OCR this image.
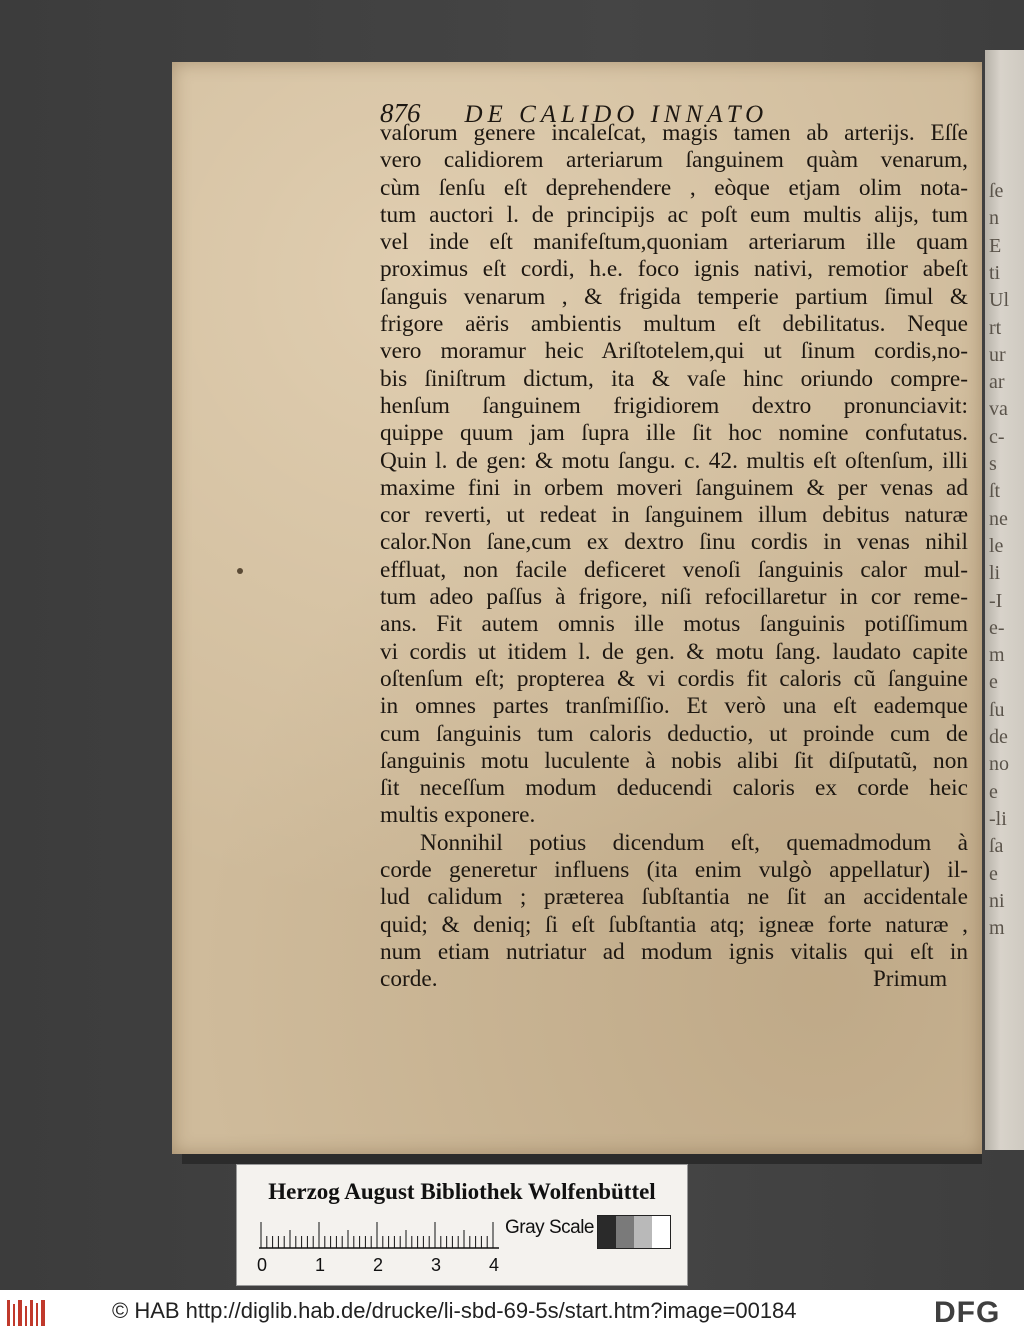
ſe
n
E
ti
Ul
rt
ur
ar
va
c-
s
ſt
ne
le
li
-I
e-
m
e
ſu
de
no
e
-li
ſa
e
ni
m
876 DE CALIDO INNATO
vaſorum genere incaleſcat, magis tamen ab arterijs. Eſſe
vero calidiorem arteriarum ſanguinem quàm venarum,
cùm ſenſu eſt deprehendere , eòque etjam olim nota-
tum auctori l. de principijs ac poſt eum multis alijs, tum
vel inde eſt manifeſtum,quoniam arteriarum ille quam
proximus eſt cordi, h.e. foco ignis nativi, remotior abeſt
ſanguis venarum , & frigida temperie partium ſimul &
frigore aëris ambientis multum eſt debilitatus. Neque
vero moramur heic Ariſtotelem,qui ut ſinum cordis,no-
bis ſiniſtrum dictum, ita & vaſe hinc oriundo compre-
henſum ſanguinem frigidiorem dextro pronunciavit:
quippe quum jam ſupra ille ſit hoc nomine confutatus.
Quin l. de gen: & motu ſangu. c. 42. multis eſt oſtenſum, illi
maxime fini in orbem moveri ſanguinem & per venas ad
cor reverti, ut redeat in ſanguinem illum debitus naturæ
calor.Non ſane,cum ex dextro ſinu cordis in venas nihil
effluat, non facile deficeret venoſi ſanguinis calor mul-
tum adeo paſſus à frigore, niſi refocillaretur in cor reme-
ans. Fit autem omnis ille motus ſanguinis potiſſimum
vi cordis ut itidem l. de gen. & motu ſang. laudato capite
oſtenſum eſt; propterea & vi cordis fit caloris cũ ſanguine
in omnes partes tranſmiſſio. Et verò una eſt eademque
cum ſanguinis tum caloris deductio, ut proinde cum de
ſanguinis motu luculente à nobis alibi ſit diſputatũ, non
ſit neceſſum modum deducendi caloris ex corde heic
multis exponere.
Nonnihil potius dicendum eſt, quemadmodum à
corde generetur influens (ita enim vulgò appellatur) il-
lud calidum ; præterea ſubſtantia ne ſit an accidentale
quid; & deniq; ſi eſt ſubſtantia atq; igneæ forte naturæ ,
num etiam nutriatur ad modum ignis vitalis qui eſt in
corde.	Primum
Herzog August Bibliothek Wolfenbüttel
0	1	2	3	4
Gray Scale
© HAB http://diglib.hab.de/drucke/li-sbd-69-5s/start.htm?image=00184	DFG
